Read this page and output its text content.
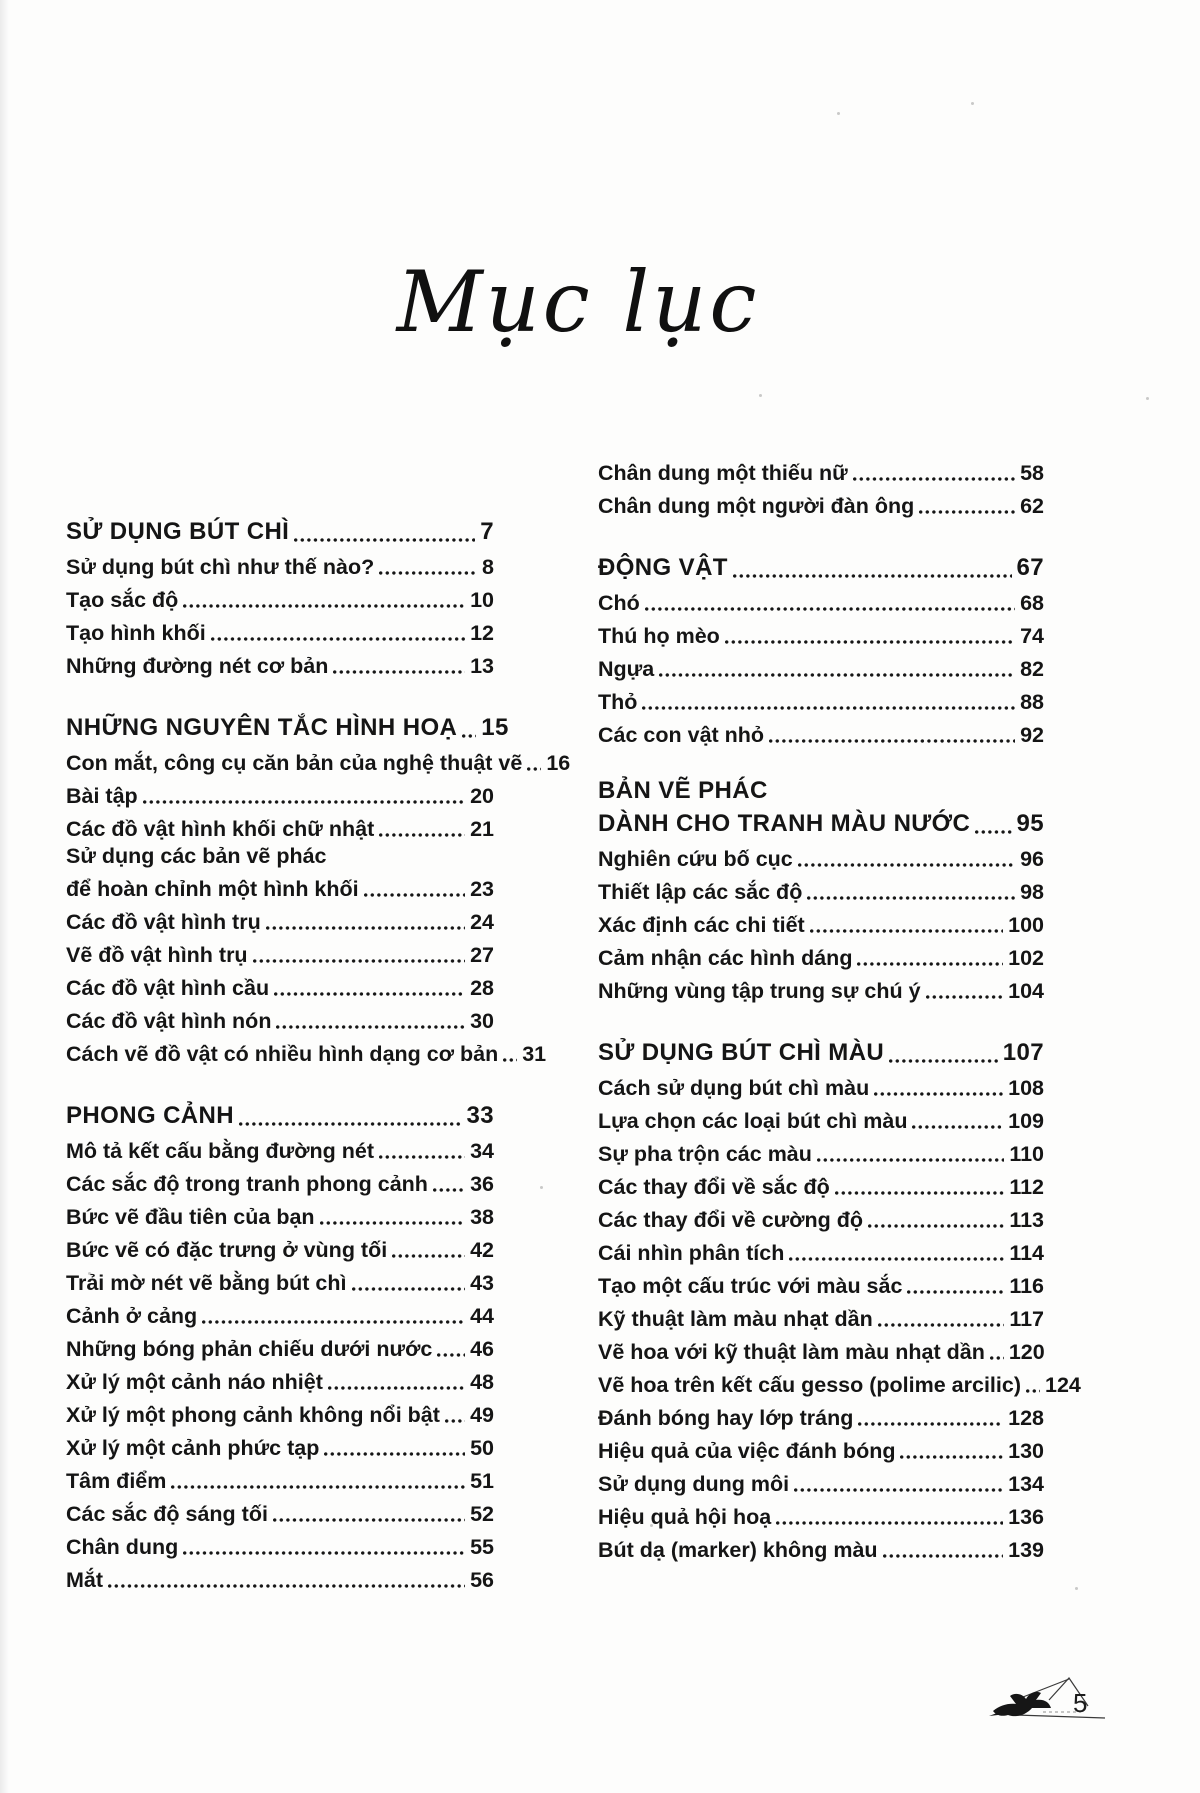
Mục lục
SỬ DỤNG BÚT CHÌ	7
Sử dụng bút chì như thế nào?	8
Tạo sắc độ	10
Tạo hình khối	12
Những đường nét cơ bản	13
NHỮNG NGUYÊN TẮC HÌNH HOẠ 15
Con mắt, công cụ căn bản của nghệ thuật vẽ 16
Bài tập	20
Các đồ vật hình khối chữ nhật	21
Sử dụng các bản vẽ phác
để hoàn chỉnh một hình khối	23
Các đồ vật hình trụ	24
Vẽ đồ vật hình trụ	27
Các đồ vật hình cầu	28
Các đồ vật hình nón	30
Cách vẽ đồ vật có nhiều hình dạng cơ bản 31
PHONG CẢNH	33
Mô tả kết cấu bằng đường nét	34
Các sắc độ trong tranh phong cảnh 36
Bức vẽ đầu tiên của bạn	38
Bức vẽ có đặc trưng ở vùng tối	42
Trải mờ nét vẽ bằng bút chì	43
Cảnh ở cảng	44
Những bóng phản chiếu dưới nước 46
Xử lý một cảnh náo nhiệt	48
Xử lý một phong cảnh không nổi bật 49
Xử lý một cảnh phức tạp	50
Tâm điểm	51
Các sắc độ sáng tối	52
Chân dung	55
Mắt	56
Chân dung một thiếu nữ	58
Chân dung một người đàn ông	62
ĐỘNG VẬT	67
Chó	68
Thú họ mèo	74
Ngựa	82
Thỏ	88
Các con vật nhỏ	92
BẢN VẼ PHÁC
DÀNH CHO TRANH MÀU NƯỚC 95
Nghiên cứu bố cục	96
Thiết lập các sắc độ	98
Xác định các chi tiết	100
Cảm nhận các hình dáng	102
Những vùng tập trung sự chú ý	104
SỬ DỤNG BÚT CHÌ MÀU	107
Cách sử dụng bút chì màu	108
Lựa chọn các loại bút chì màu	109
Sự pha trộn các màu	110
Các thay đổi về sắc độ	112
Các thay đổi về cường độ	113
Cái nhìn phân tích	114
Tạo một cấu trúc với màu sắc	116
Kỹ thuật làm màu nhạt dần	117
Vẽ hoa với kỹ thuật làm màu nhạt dần 120
Vẽ hoa trên kết cấu gesso (polime arcilic) 124
Đánh bóng hay lớp tráng	128
Hiệu quả của việc đánh bóng	130
Sử dụng dung môi	134
Hiệu quả hội hoạ	136
Bút dạ (marker) không màu	139
5
